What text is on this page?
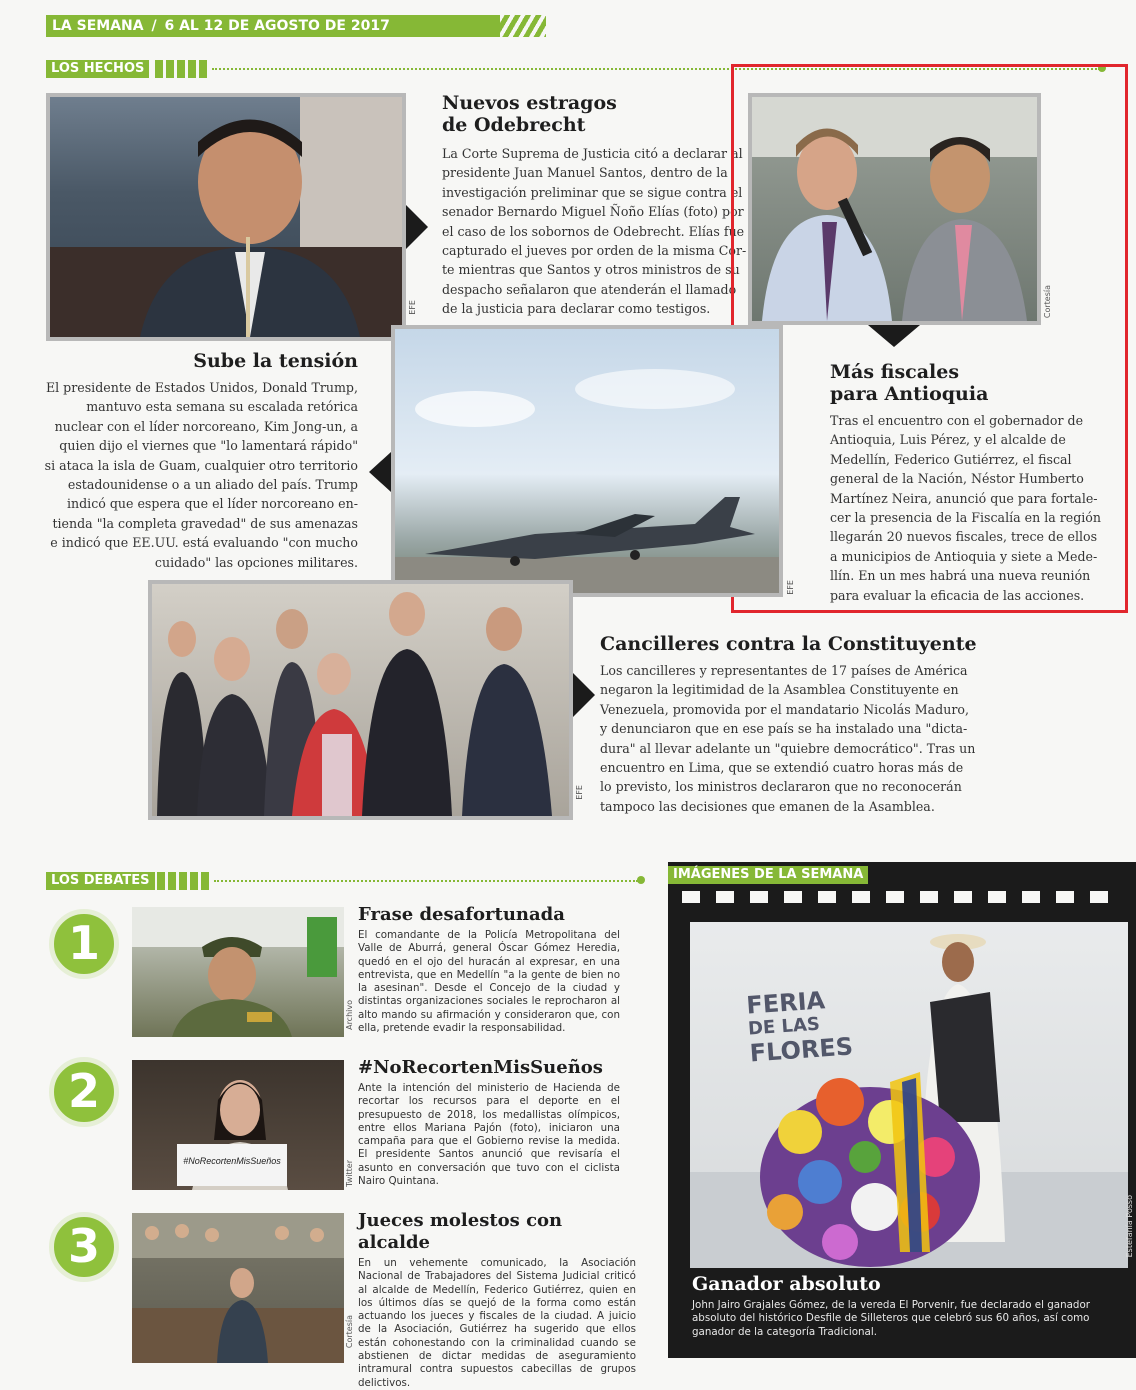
LA SEMANA / 6 AL 12 DE AGOSTO DE 2017
LOS HECHOS
EFE
Nuevos estragos
de Odebrecht
La Corte Suprema de Justicia citó a declarar al
presidente Juan Manuel Santos, dentro de la
investigación preliminar que se sigue contra el
senador Bernardo Miguel Ñoño Elías (foto) por
el caso de los sobornos de Odebrecht. Elías fue
capturado el jueves por orden de la misma Cor-
te mientras que Santos y otros ministros de su
despacho señalaron que atenderán el llamado
de la justicia para declarar como testigos.	Cortesía
Más fiscales
para Antioquia
Tras el encuentro con el gobernador de
Antioquia, Luis Pérez, y el alcalde de
Medellín, Federico Gutiérrez, el fiscal
general de la Nación, Néstor Humberto
Martínez Neira, anunció que para fortale-
cer la presencia de la Fiscalía en la región
llegarán 20 nuevos fiscales, trece de ellos
a municipios de Antioquia y siete a Mede-
llín. En un mes habrá una nueva reunión
para evaluar la eficacia de las acciones.
Sube la tensión
El presidente de Estados Unidos, Donald Trump,
mantuvo esta semana su escalada retórica
nuclear con el líder norcoreano, Kim Jong-un, a
quien dijo el viernes que "lo lamentará rápido"
si ataca la isla de Guam, cualquier otro territorio
estadounidense o a un aliado del país. Trump
indicó que espera que el líder norcoreano en-
tienda "la completa gravedad" de sus amenazas
e indicó que EE.UU. está evaluando "con mucho
cuidado" las opciones militares.
EFE
EFE
Cancilleres contra la Constituyente
Los cancilleres y representantes de 17 países de América
negaron la legitimidad de la Asamblea Constituyente en
Venezuela, promovida por el mandatario Nicolás Maduro,
y denunciaron que en ese país se ha instalado una "dicta-
dura" al llevar adelante un "quiebre democrático". Tras un
encuentro en Lima, que se extendió cuatro horas más de
lo previsto, los ministros declararon que no reconocerán
tampoco las decisiones que emanen de la Asamblea.
LOS DEBATES
1
Archivo
Frase desafortunada
El comandante de la Policía Metropolitana del Valle de Aburrá, general Óscar Gómez Heredia, quedó en el ojo del huracán al expresar, en una entrevista, que en Medellín "a la gente de bien no la asesinan". Desde el Concejo de la ciudad y distintas organizaciones sociales le reprocharon al alto mando su afirmación y consideraron que, con ella, pretende evadir la responsabilidad.
2
#NoRecortenMisSueños	Twitter
#NoRecortenMisSueños
Ante la intención del ministerio de Hacienda de recortar los recursos para el deporte en el presupuesto de 2018, los medallistas olímpicos, entre ellos Mariana Pajón (foto), iniciaron una campaña para que el Gobierno revise la medida. El presidente Santos anunció que revisaría el asunto en conversación que tuvo con el ciclista Nairo Quintana.
3
Cortesía
Jueces molestos con alcalde
En un vehemente comunicado, la Asociación Nacional de Trabajadores del Sistema Judicial criticó al alcalde de Medellín, Federico Gutiérrez, quien en los últimos días se quejó de la forma como están actuando los jueces y fiscales de la ciudad. A juicio de la Asociación, Gutiérrez ha sugerido que ellos están cohonestando con la criminalidad cuando se abstienen de dictar medidas de aseguramiento intramural contra supuestos cabecillas de grupos delictivos.
IMÁGENES DE LA SEMANA
FERIA
DE LAS
FLORES
Estefanía Posso
Ganador absoluto
John Jairo Grajales Gómez, de la vereda El Porvenir, fue declarado el ganador absoluto del histórico Desfile de Silleteros que celebró sus 60 años, así como ganador de la categoría Tradicional.
